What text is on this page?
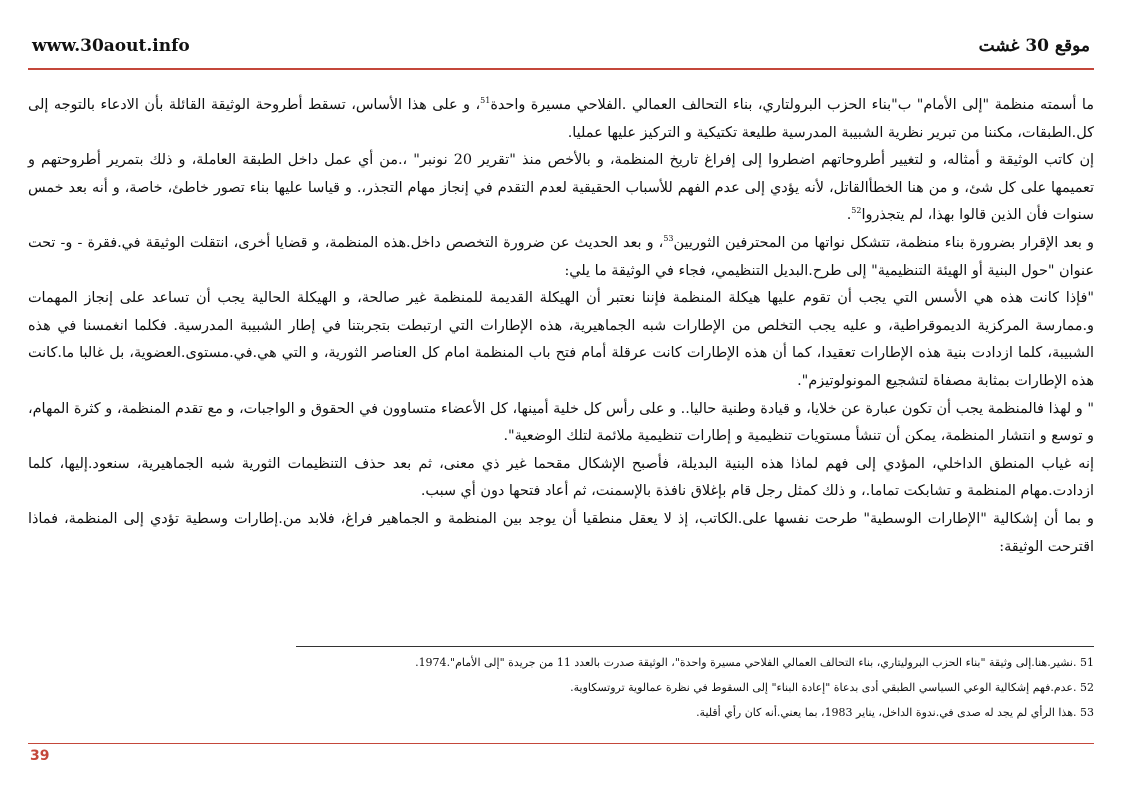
www.30aout.info	موقع 30 غشت

ما أسمته منظمة "إلى الأمام" ب"بناء الحزب البرولتاري، بناء التحالف العمالي .الفلاحي مسيرة واحدة$^{51}$، و على هذا الأساس، تسقط أطروحة الوثيقة القائلة بأن الادعاء بالتوجه إلى كل.الطبقات، مكننا من تبرير نظرية الشبيبة المدرسية طليعة تكتيكية و التركيز عليها عمليا.

إن كاتب الوثيقة و أمثاله، و لتغيير أطروحاتهم اضطروا إلى إفراغ تاريخ المنظمة، و بالأخص منذ "تقرير 20 نونبر" ،.من أي عمل داخل الطبقة العاملة، و ذلك بتمرير أطروحتهم و تعميمها على كل شئ، و من هنا الخطأالقاتل، لأنه يؤدي إلى عدم الفهم للأسباب الحقيقية لعدم التقدم في إنجاز مهام التجذر،. و قياسا عليها بناء تصور خاطئ، خاصة، و أنه بعد خمس سنوات فأن الذين قالوا بهذا، لم يتجذروا$^{52}$.

و بعد الإقرار بضرورة بناء منظمة، تتشكل نواتها من المحترفين الثوريين$^{53}$، و بعد الحديث عن ضرورة التخصص داخل.هذه المنظمة، و قضايا أخرى، انتقلت الوثيقة في.فقرة - و- تحت عنوان "حول البنية أو الهيئة التنظيمية" إلى طرح.البديل التنظيمي، فجاء في الوثيقة ما يلي:

"فإذا كانت هذه هي الأسس التي يجب أن تقوم عليها هيكلة المنظمة فإننا نعتبر أن الهيكلة القديمة للمنظمة غير صالحة، و الهيكلة الحالية يجب أن تساعد على إنجاز المهمات و.ممارسة المركزية الديموقراطية، و عليه يجب التخلص من الإطارات شبه الجماهيرية، هذه الإطارات التي ارتبطت بتجربتنا في إطار الشبيبة المدرسية. فكلما انغمسنا في هذه الشبيبة، كلما ازدادت بنية هذه الإطارات تعقيدا، كما أن هذه الإطارات كانت عرقلة أمام فتح باب المنظمة امام كل العناصر الثورية، و التي هي.في.مستوى.العضوية، بل غالبا ما.كانت هذه الإطارات بمثابة مصفاة لتشجيع المونولوتيزم".

" و لهذا فالمنظمة يجب أن تكون عبارة عن خلايا، و قيادة وطنية حاليا.. و على رأس كل خلية أمينها، كل الأعضاء متساوون في الحقوق و الواجبات، و مع تقدم المنظمة، و كثرة المهام، و توسع و انتشار المنظمة، يمكن أن تنشأ مستويات تنظيمية و إطارات تنظيمية ملائمة لتلك الوضعية".

إنه غياب المنطق الداخلي، المؤدي إلى فهم لماذا هذه البنية البديلة، فأصبح الإشكال مقحما غير ذي معنى، ثم بعد حذف التنظيمات الثورية شبه الجماهيرية، سنعود.إليها، كلما ازدادت.مهام المنظمة و تشابكت تماما.، و ذلك كمثل رجل قام بإغلاق نافذة بالإسمنت، ثم أعاد فتحها دون أي سبب.

و بما أن إشكالية "الإطارات الوسطية" طرحت نفسها على.الكاتب، إذ لا يعقل منطقيا أن يوجد بين المنظمة و الجماهير فراغ، فلابد من.إطارات وسطية تؤدي إلى المنظمة، فماذا اقترحت الوثيقة:

51 .نشير.هنا.إلى وثيقة "بناء الحزب البروليتاري، بناء التحالف العمالي الفلاحي مسيرة واحدة"، الوثيقة صدرت بالعدد 11 من جريدة "إلى الأمام".1974.

52 .عدم.فهم إشكالية الوعي السياسي الطبقي أدى بدعاة "إعادة البناء" إلى السقوط في نظرة عمالوية تروتسكاوية.

53 .هذا الرأي لم يجد له صدى في.ندوة الداخل، يناير 1983، بما يعني.أنه كان رأي أقلية.

39
